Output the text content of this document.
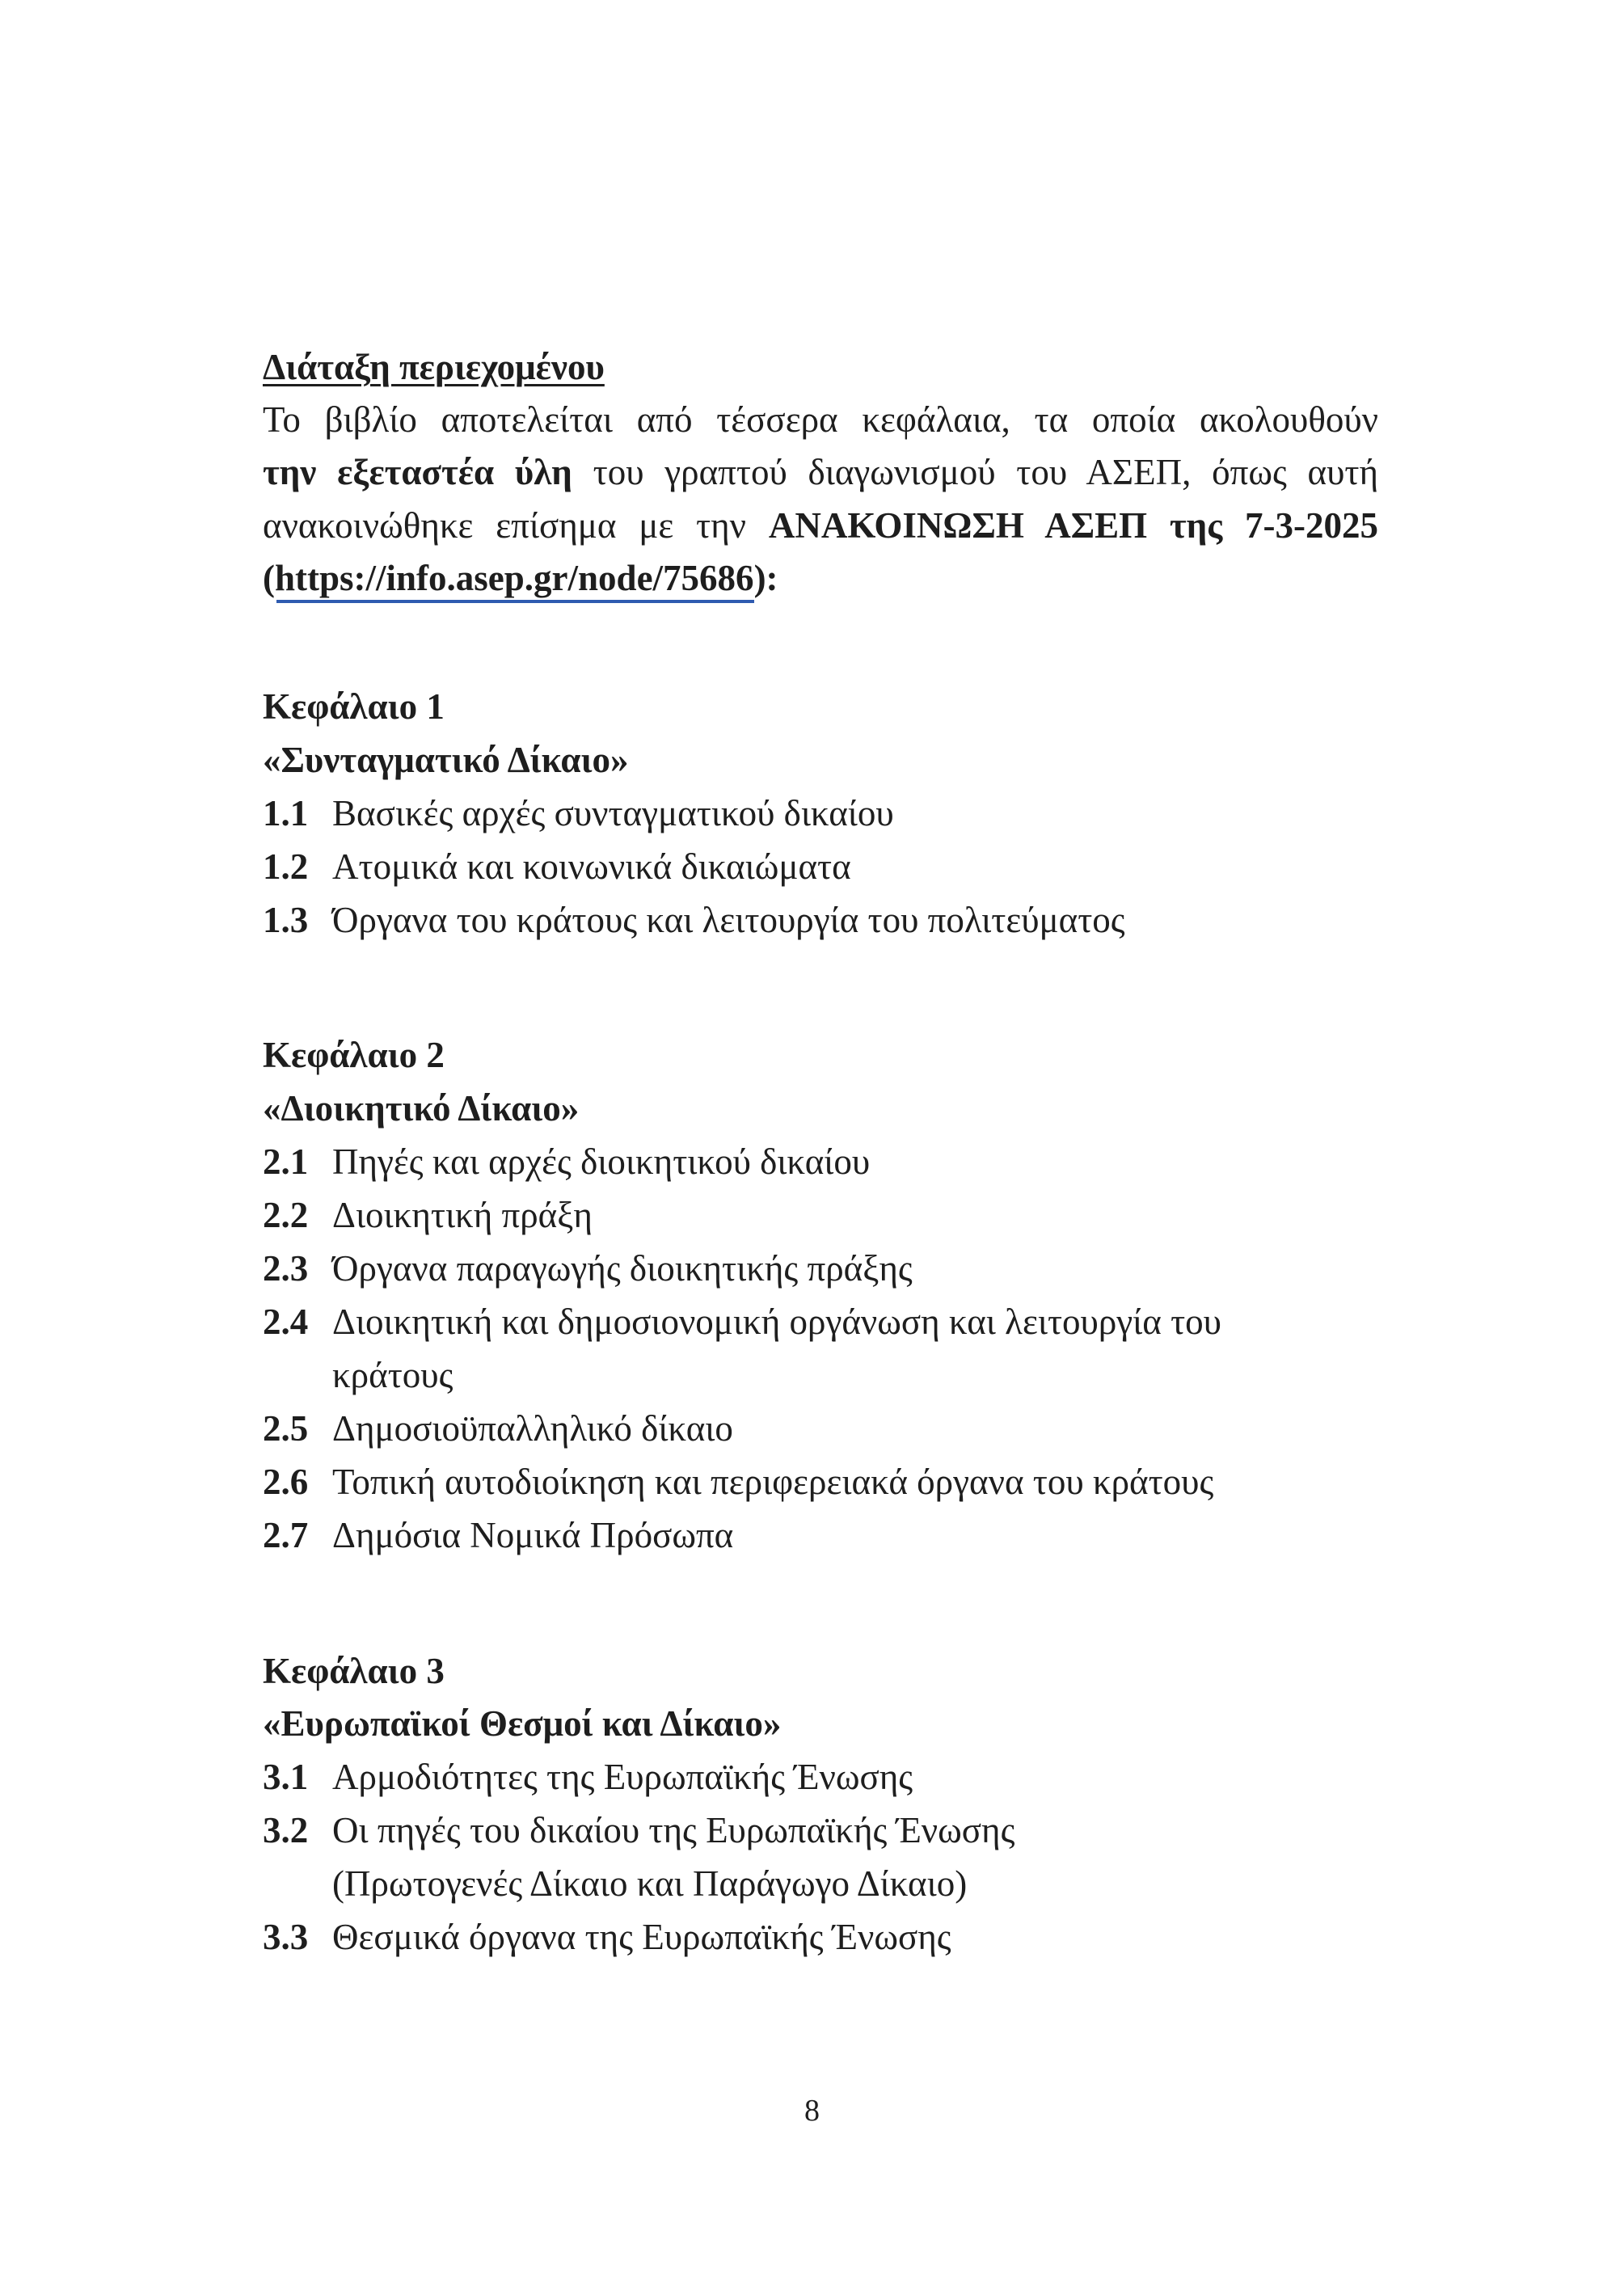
Διάταξη περιεχομένου
Το βιβλίο αποτελείται από τέσσερα κεφάλαια, τα οποία ακολουθούν
την εξεταστέα ύλη του γραπτού διαγωνισμού του ΑΣΕΠ, όπως αυτή
ανακοινώθηκε επίσημα με την ΑΝΑΚΟΙΝΩΣΗ ΑΣΕΠ της 7-3-2025
(https://info.asep.gr/node/75686
):
Κεφάλαιο 1
«Συνταγματικό Δίκαιο»
1.1 Βασικές αρχές συνταγματικού δικαίου
1.2 Ατομικά και κοινωνικά δικαιώματα
1.3 Όργανα του κράτους και λειτουργία του πολιτεύματος
Κεφάλαιο 2
«Διοικητικό Δίκαιο»
2.1 Πηγές και αρχές διοικητικού δικαίου
2.2 Διοικητική πράξη
2.3 Όργανα παραγωγής διοικητικής πράξης
2.4 Διοικητική και δημοσιονομική οργάνωση και λειτουργία του
κράτους
2.5 Δημοσιοϋπαλληλικό δίκαιο
2.6 Τοπική αυτοδιοίκηση και περιφερειακά όργανα του κράτους
2.7 Δημόσια Νομικά Πρόσωπα
Κεφάλαιο 3
«Ευρωπαϊκοί Θεσμοί και Δίκαιο»
3.1 Αρμοδιότητες της Ευρωπαϊκής Ένωσης
3.2 Οι πηγές του δικαίου της Ευρωπαϊκής Ένωσης
(Πρωτογενές Δίκαιο και Παράγωγο Δίκαιο)
3.3 Θεσμικά όργανα της Ευρωπαϊκής Ένωσης
8
